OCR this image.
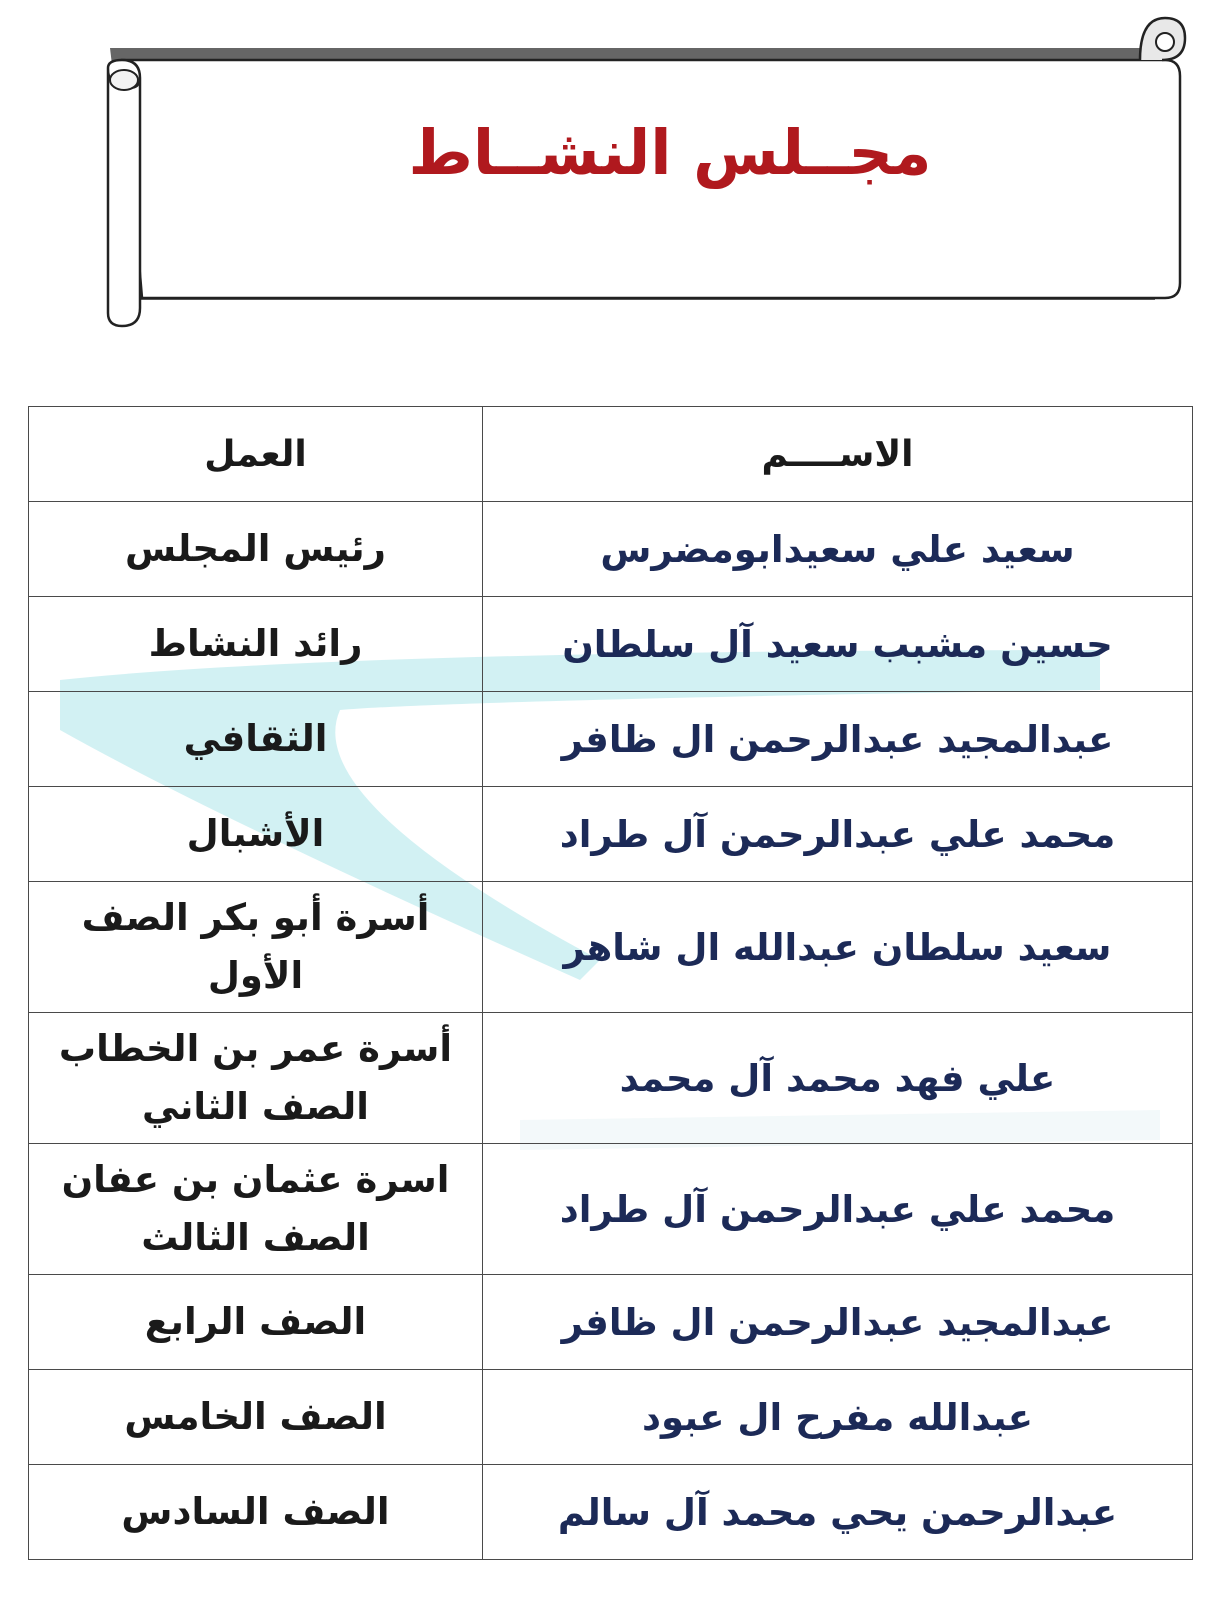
مجــلس النشــاط
الاســــم	العمل
سعيد علي سعيدابومضرس	رئيس المجلس
حسين مشبب سعيد آل سلطان	رائد النشاط
عبدالمجيد عبدالرحمن ال ظافر	الثقافي
محمد علي عبدالرحمن آل طراد	الأشبال
سعيد سلطان عبدالله ال شاهر	أسرة أبو بكر الصف الأول
علي فهد محمد آل محمد	أسرة عمر بن الخطاب الصف الثاني
محمد علي عبدالرحمن آل طراد	اسرة عثمان بن عفان الصف الثالث
عبدالمجيد عبدالرحمن ال ظافر	الصف الرابع
عبدالله مفرح ال عبود	الصف الخامس
عبدالرحمن يحي محمد آل سالم	الصف السادس
